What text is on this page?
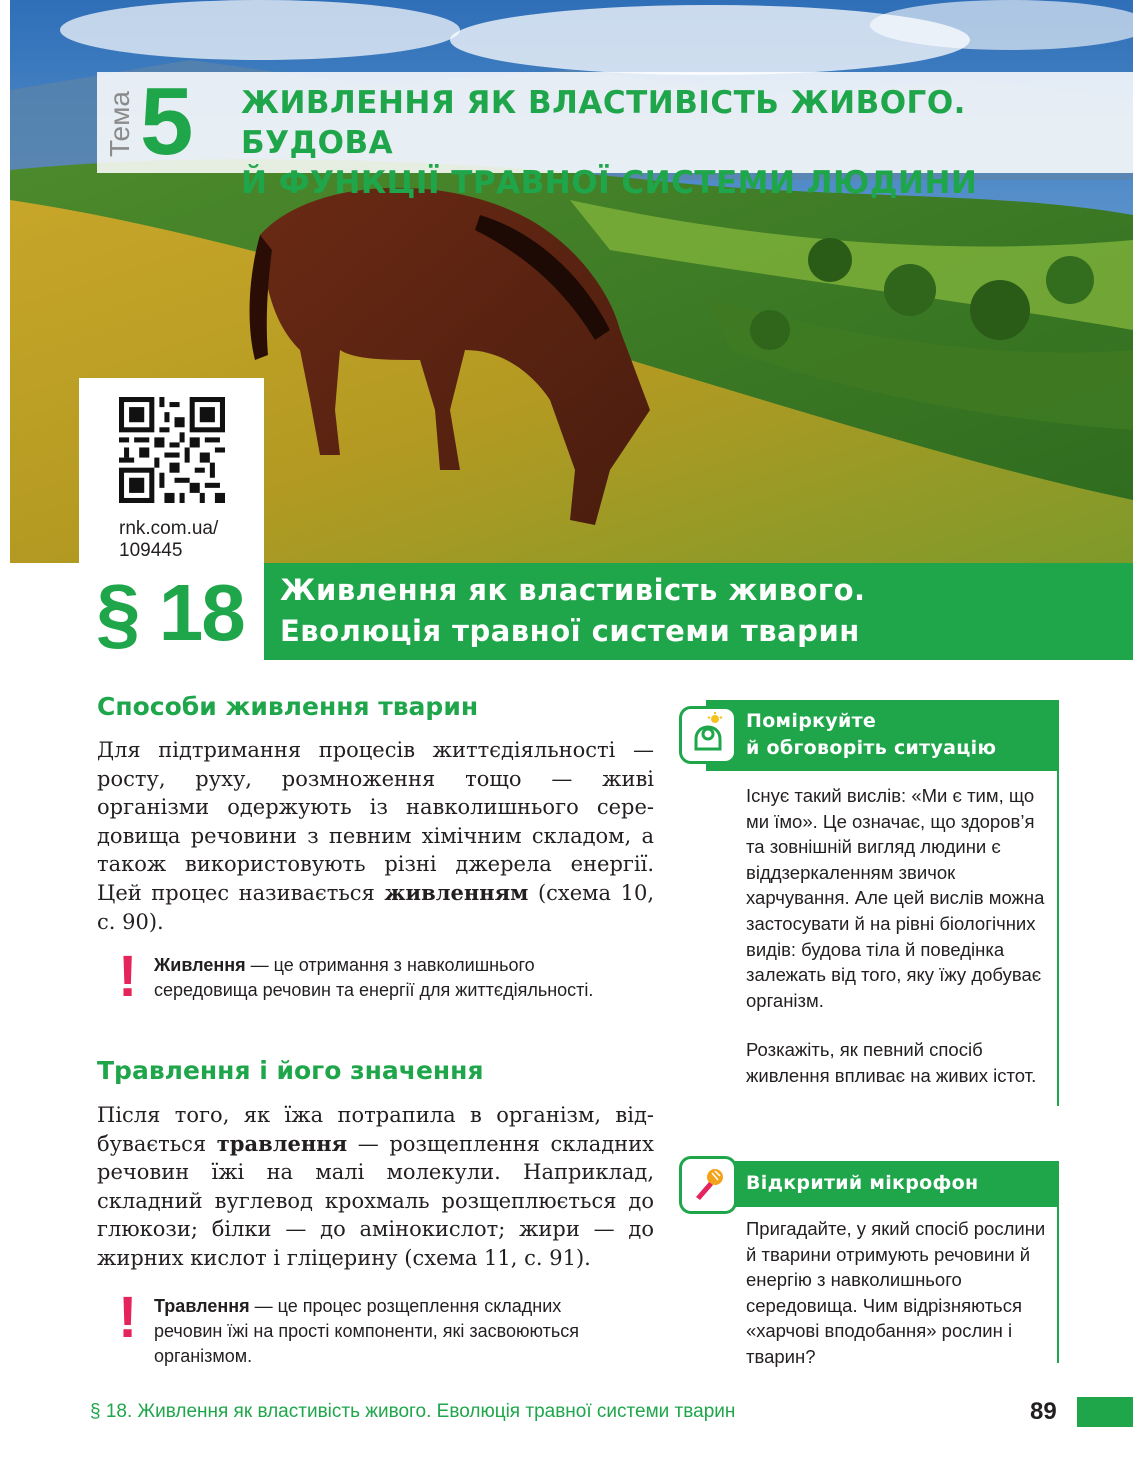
Тема 5 ЖИВЛЕННЯ ЯК ВЛАСТИВІСТЬ ЖИВОГО. БУДОВА
Й ФУНКЦІЇ ТРАВНОЇ СИСТЕМИ ЛЮДИНИ
rnk.com.ua/
109445
§ 18 Живлення як властивість живого.
Еволюція травної системи тварин
Способи живлення тварин

Для підтримання процесів життєдіяльності — росту, руху, розмноження тощо — живі організми одержують із навколишнього середовища речовини з певним хімічним складом, а також використовують різні джерела енергії. Цей процес називається живленням (схема 10, с. 90).

! Живлення — це отримання з навколишнього середовища речовин та енергії для життєдіяльності.
Травлення і його значення

Після того, як їжа потрапила в організм, відбувається травлення — розщеплення складних речовин їжі на малі молекули. Наприклад, складний вуглевод крохмаль розщеплюється до глюкози; білки — до амінокислот; жири — до жирних кислот і гліцерину (схема 11, с. 91).

! Травлення — це процес розщеплення складних речовин їжі на прості компоненти, які засвоюються організмом.
Поміркуйте
й обговоріть ситуацію
Існує такий вислів: «Ми є тим, що ми їмо». Це означає, що здоров’я та зовнішній вигляд людини є віддзеркаленням звичок харчування. Але цей вислів можна застосувати й на рівні біологічних видів: будова тіла й поведінка залежать від того, яку їжу добуває організм.
Розкажіть, як певний спосіб живлення впливає на живих істот.
Відкритий мікрофон
Пригадайте, у який спосіб рослини й тварини отримують речовини й енергію з навколишнього середовища. Чим відрізняються «харчові вподобання» рослин і тварин?
§ 18. Живлення як властивість живого. Еволюція травної системи тварин	89
